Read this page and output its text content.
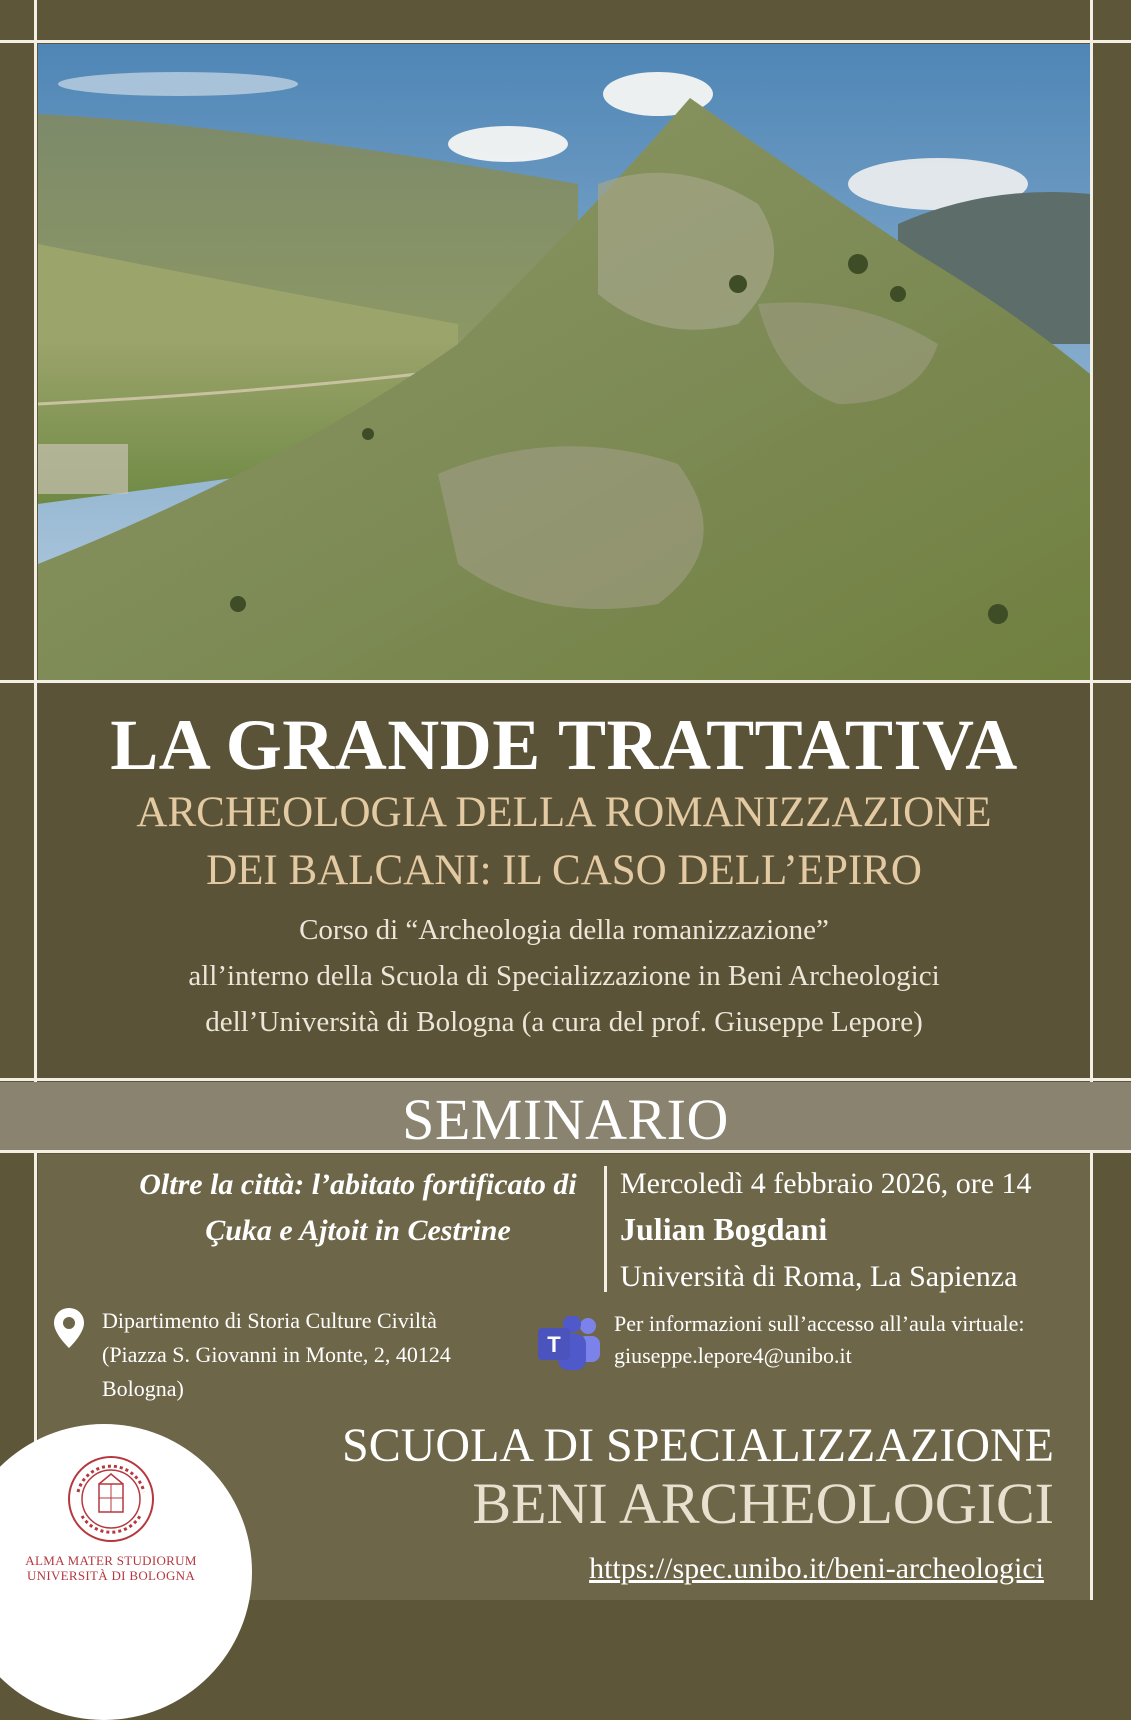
LA GRANDE TRATTATIVA
ARCHEOLOGIA DELLA ROMANIZZAZIONE
DEI BALCANI: IL CASO DELL’EPIRO
Corso di “Archeologia della romanizzazione”
all’interno della Scuola di Specializzazione in Beni Archeologici
dell’Università di Bologna (a cura del prof. Giuseppe Lepore)
SEMINARIO
Oltre la città: l’abitato fortificato di
Çuka e Ajtoit in Cestrine
Mercoledì 4 febbraio 2026, ore 14
Julian Bogdani
Università di Roma, La Sapienza
Dipartimento di Storia Culture Civiltà
(Piazza S. Giovanni in Monte, 2, 40124
Bologna)
T
Per informazioni sull’accesso all’aula virtuale:
giuseppe.lepore4@unibo.it
SCUOLA DI SPECIALIZZAZIONE
BENI ARCHEOLOGICI
https://spec.unibo.it/beni-archeologici
ALMA MATER STUDIORUM
UNIVERSITÀ DI BOLOGNA
